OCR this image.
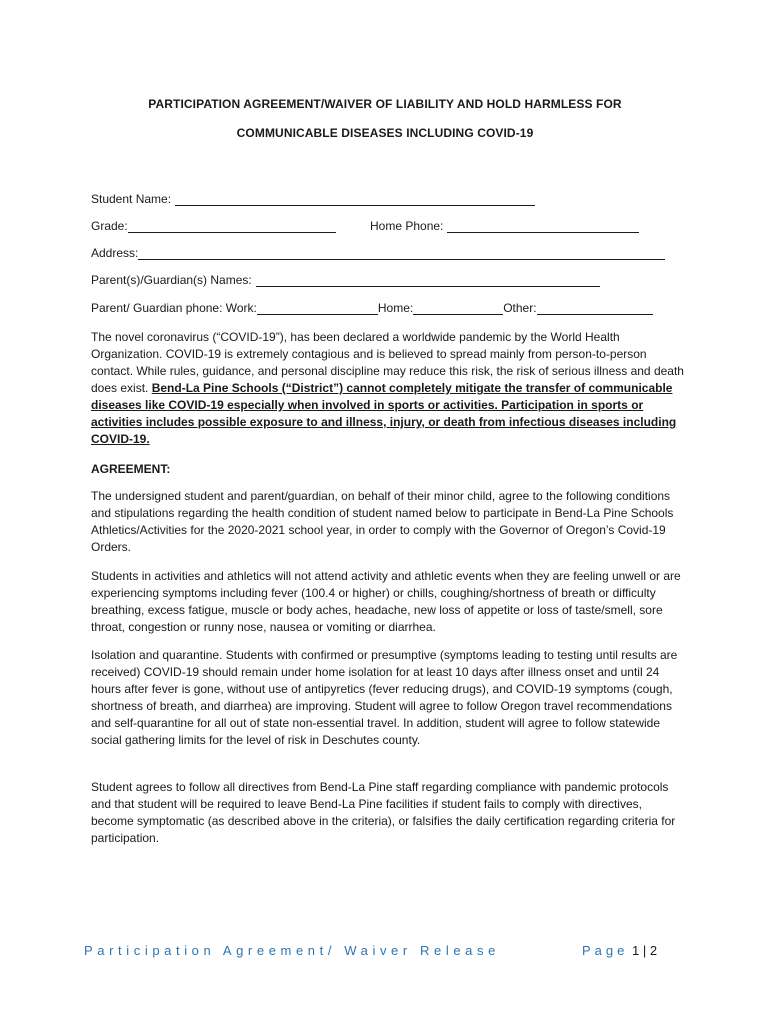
PARTICIPATION AGREEMENT/WAIVER OF LIABILITY AND HOLD HARMLESS FOR
COMMUNICABLE DISEASES INCLUDING COVID-19
Student Name:
Grade:	Home Phone:
Address:
Parent(s)/Guardian(s) Names:
Parent/ Guardian phone: Work:	Home:	Other:

The novel coronavirus (“COVID-19”), has been declared a worldwide pandemic by the World Health Organization. COVID-19 is extremely contagious and is believed to spread mainly from person-to-person contact. While rules, guidance, and personal discipline may reduce this risk, the risk of serious illness and death does exist. Bend-La Pine Schools (“District”) cannot completely mitigate the transfer of communicable diseases like COVID-19 especially when involved in sports or activities. Participation in sports or activities includes possible exposure to and illness, injury, or death from infectious diseases including COVID-19.

AGREEMENT:

The undersigned student and parent/guardian, on behalf of their minor child, agree to the following conditions and stipulations regarding the health condition of student named below to participate in Bend-La Pine Schools Athletics/Activities for the 2020-2021 school year, in order to comply with the Governor of Oregon’s Covid-19 Orders.

Students in activities and athletics will not attend activity and athletic events when they are feeling unwell or are experiencing symptoms including fever (100.4 or higher) or chills, coughing/shortness of breath or difficulty breathing, excess fatigue, muscle or body aches, headache, new loss of appetite or loss of taste/smell, sore throat, congestion or runny nose, nausea or vomiting or diarrhea.

Isolation and quarantine. Students with confirmed or presumptive (symptoms leading to testing until results are received) COVID-19 should remain under home isolation for at least 10 days after illness onset and until 24 hours after fever is gone, without use of antipyretics (fever reducing drugs), and COVID-19 symptoms (cough, shortness of breath, and diarrhea) are improving. Student will agree to follow Oregon travel recommendations and self-quarantine for all out of state non-essential travel. In addition, student will agree to follow statewide social gathering limits for the level of risk in Deschutes county.

Student agrees to follow all directives from Bend-La Pine staff regarding compliance with pandemic protocols and that student will be required to leave Bend-La Pine facilities if student fails to comply with directives, become symptomatic (as described above in the criteria), or falsifies the daily certification regarding criteria for participation.

Participation Agreement/ Waiver Release	Page 1 | 2
